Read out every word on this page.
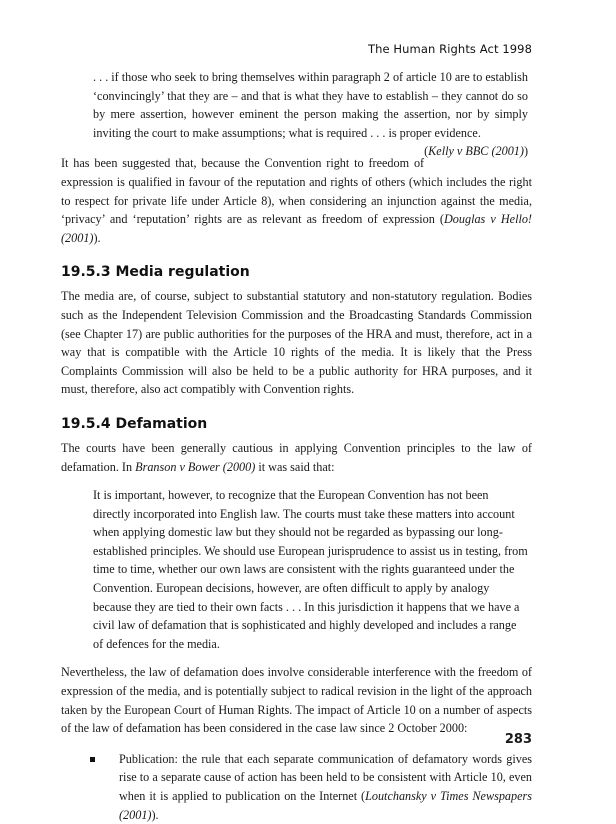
The Human Rights Act 1998

. . . if those who seek to bring themselves within paragraph 2 of article 10 are to establish ‘convincingly’ that they are – and that is what they have to establish – they cannot do so by mere assertion, however eminent the person making the assertion, nor by simply inviting the court to make assumptions; what is required . . . is proper evidence.
(Kelly v BBC (2001))

It has been suggested that, because the Convention right to freedom of expression is qualified in favour of the reputation and rights of others (which includes the right to respect for private life under Article 8), when considering an injunction against the media, ‘privacy’ and ‘reputation’ rights are as relevant as freedom of expression (Douglas v Hello! (2001)).

19.5.3 Media regulation

The media are, of course, subject to substantial statutory and non-statutory regulation. Bodies such as the Independent Television Commission and the Broadcasting Standards Commission (see Chapter 17) are public authorities for the purposes of the HRA and must, therefore, act in a way that is compatible with the Article 10 rights of the media. It is likely that the Press Complaints Commission will also be held to be a public authority for HRA purposes, and it must, therefore, also act compatibly with Convention rights.

19.5.4 Defamation

The courts have been generally cautious in applying Convention principles to the law of defamation. In Branson v Bower (2000) it was said that:

It is important, however, to recognize that the European Convention has not been directly incorporated into English law. The courts must take these matters into account when applying domestic law but they should not be regarded as bypassing our long-established principles. We should use European jurisprudence to assist us in testing, from time to time, whether our own laws are consistent with the rights guaranteed under the Convention. European decisions, however, are often difficult to apply by analogy because they are tied to their own facts . . . In this jurisdiction it happens that we have a civil law of defamation that is sophisticated and highly developed and includes a range of defences for the media.

Nevertheless, the law of defamation does involve considerable interference with the freedom of expression of the media, and is potentially subject to radical revision in the light of the approach taken by the European Court of Human Rights. The impact of Article 10 on a number of aspects of the law of defamation has been considered in the case law since 2 October 2000:

Publication: the rule that each separate communication of defamatory words gives rise to a separate cause of action has been held to be consistent with Article 10, even when it is applied to publication on the Internet (Loutchansky v Times Newspapers (2001)).

283
